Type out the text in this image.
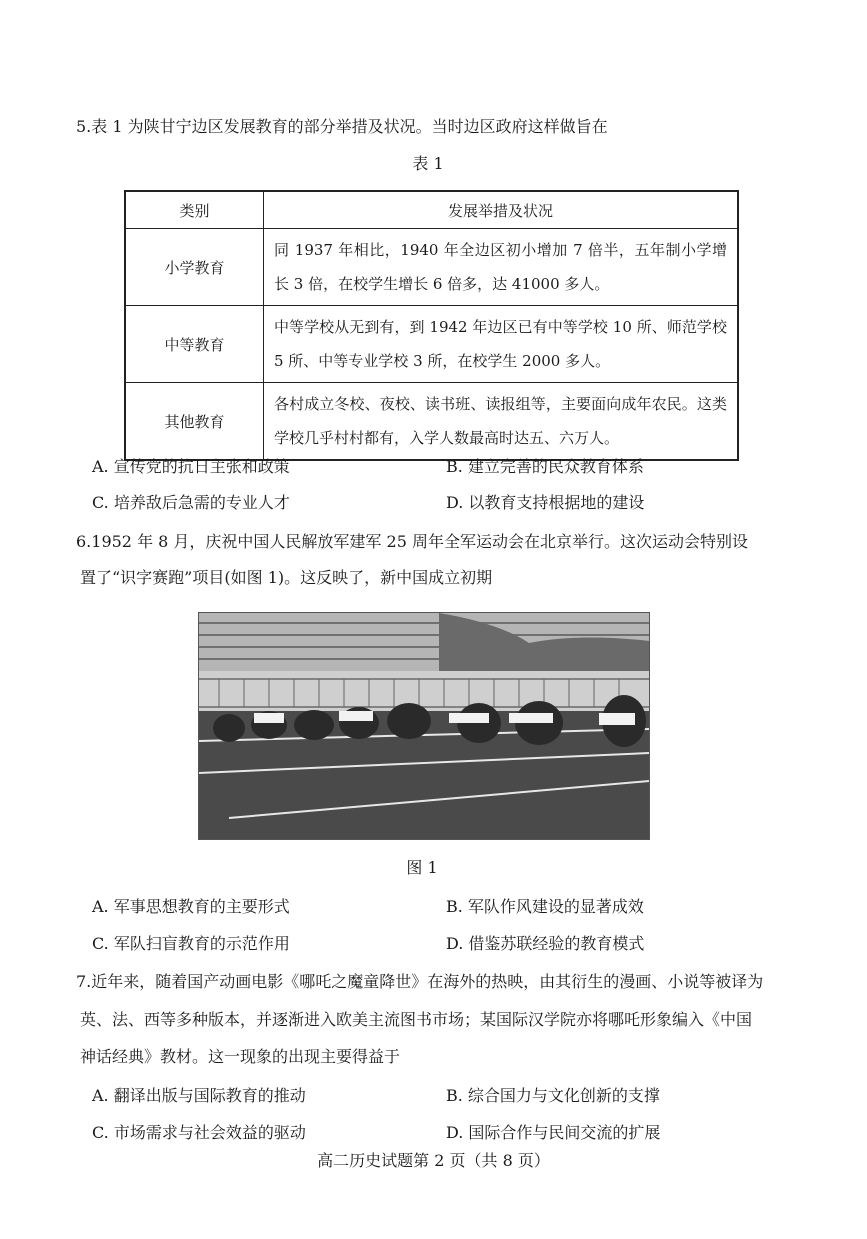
5.表 1 为陕甘宁边区发展教育的部分举措及状况。当时边区政府这样做旨在
表 1
类别	发展举措及状况
小学教育	同 1937 年相比，1940 年全边区初小增加 7 倍半，五年制小学增长 3 倍，在校学生增长 6 倍多，达 41000 多人。
中等教育	中等学校从无到有，到 1942 年边区已有中等学校 10 所、师范学校 5 所、中等专业学校 3 所，在校学生 2000 多人。
其他教育	各村成立冬校、夜校、读书班、读报组等，主要面向成年农民。这类学校几乎村村都有，入学人数最高时达五、六万人。
A. 宣传党的抗日主张和政策	B. 建立完善的民众教育体系
C. 培养敌后急需的专业人才	D. 以教育支持根据地的建设
6.1952 年 8 月，庆祝中国人民解放军建军 25 周年全军运动会在北京举行。这次运动会特别设
置了“识字赛跑”项目(如图 1)。这反映了，新中国成立初期
图 1
A. 军事思想教育的主要形式	B. 军队作风建设的显著成效
C. 军队扫盲教育的示范作用	D. 借鉴苏联经验的教育模式
7.近年来，随着国产动画电影《哪吒之魔童降世》在海外的热映，由其衍生的漫画、小说等被译为
英、法、西等多种版本，并逐渐进入欧美主流图书市场；某国际汉学院亦将哪吒形象编入《中国
神话经典》教材。这一现象的出现主要得益于
A. 翻译出版与国际教育的推动	B. 综合国力与文化创新的支撑
C. 市场需求与社会效益的驱动	D. 国际合作与民间交流的扩展
高二历史试题第 2 页（共 8 页）
